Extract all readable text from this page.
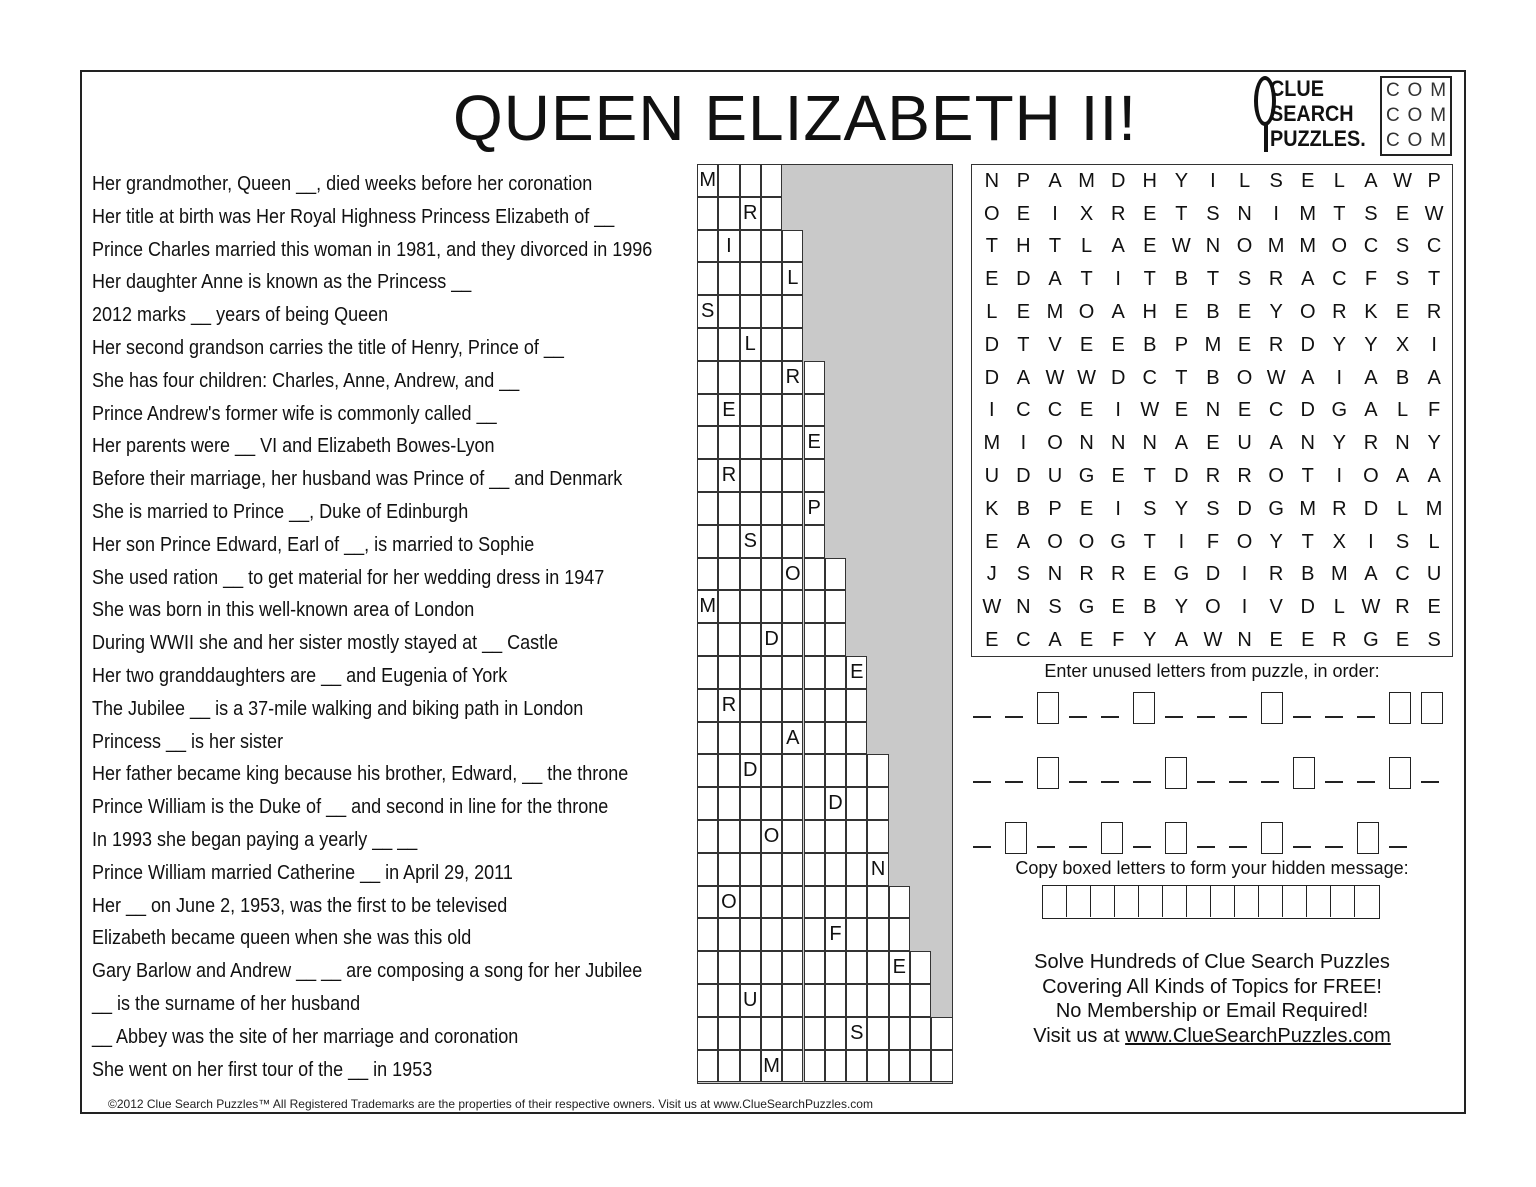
QUEEN ELIZABETH II!	CLUE
SEARCH
PUZZLES.
C O M
C O M
C O M
Her grandmother, Queen __, died weeks before her coronation
Her title at birth was Her Royal Highness Princess Elizabeth of __
Prince Charles married this woman in 1981, and they divorced in 1996
Her daughter Anne is known as the Princess __
2012 marks __ years of being Queen
Her second grandson carries the title of Henry, Prince of __
She has four children: Charles, Anne, Andrew, and __
Prince Andrew's former wife is commonly called __
Her parents were __ VI and Elizabeth Bowes-Lyon
Before their marriage, her husband was Prince of __ and Denmark
She is married to Prince __, Duke of Edinburgh
Her son Prince Edward, Earl of __, is married to Sophie
She used ration __ to get material for her wedding dress in 1947
She was born in this well-known area of London
During WWII she and her sister mostly stayed at __ Castle
Her two granddaughters are __ and Eugenia of York
The Jubilee __ is a 37-mile walking and biking path in London
Princess __ is her sister
Her father became king because his brother, Edward, __ the throne
Prince William is the Duke of __ and second in line for the throne
In 1993 she began paying a yearly __ __
Prince William married Catherine __ in April 29, 2011
Her __ on June 2, 1953, was the first to be televised
Elizabeth became queen when she was this old
Gary Barlow and Andrew __ __ are composing a song for her Jubilee
__ is the surname of her husband
__ Abbey was the site of her marriage and coronation
She went on her first tour of the __ in 1953
M
R
I
L
S
L
R
E
E
R
P
S
O
M
D
E
R
A
D
D
O
N
O
F
E
U
S
M
N P A M D H Y	I	L S E L A W P
O E	I	X R E T S N	I	M T S E W
T H T L A E W N O M M O C S C
E D A T	I	T B T S R A C F S T
L E M O A H E B E Y O R K E R
D T V E E B P M E R D Y Y X	I
D A W W D C T B O W A	I	A B A
I	C C E	I W E N E C D G A L F
M	I	O N N N A E U A N Y R N Y
U D U G E T D R R O T	I	O A A
K B P E	I	S Y S D G M R D L M
E A O O G T	I	F O Y T X	I	S L
J S N R R E G D	I	R B M A C U
W N S G E B Y O	I	V D L W R E
E C A E F Y A W N E E R G E S
Enter unused letters from puzzle, in order:
Copy boxed letters to form your hidden message:
Solve Hundreds of Clue Search Puzzles
Covering All Kinds of Topics for FREE!
No Membership or Email Required!
Visit us at www.ClueSearchPuzzles.com
©2012 Clue Search Puzzles™ All Registered Trademarks are the properties of their respective owners. Visit us at www.ClueSearchPuzzles.com
